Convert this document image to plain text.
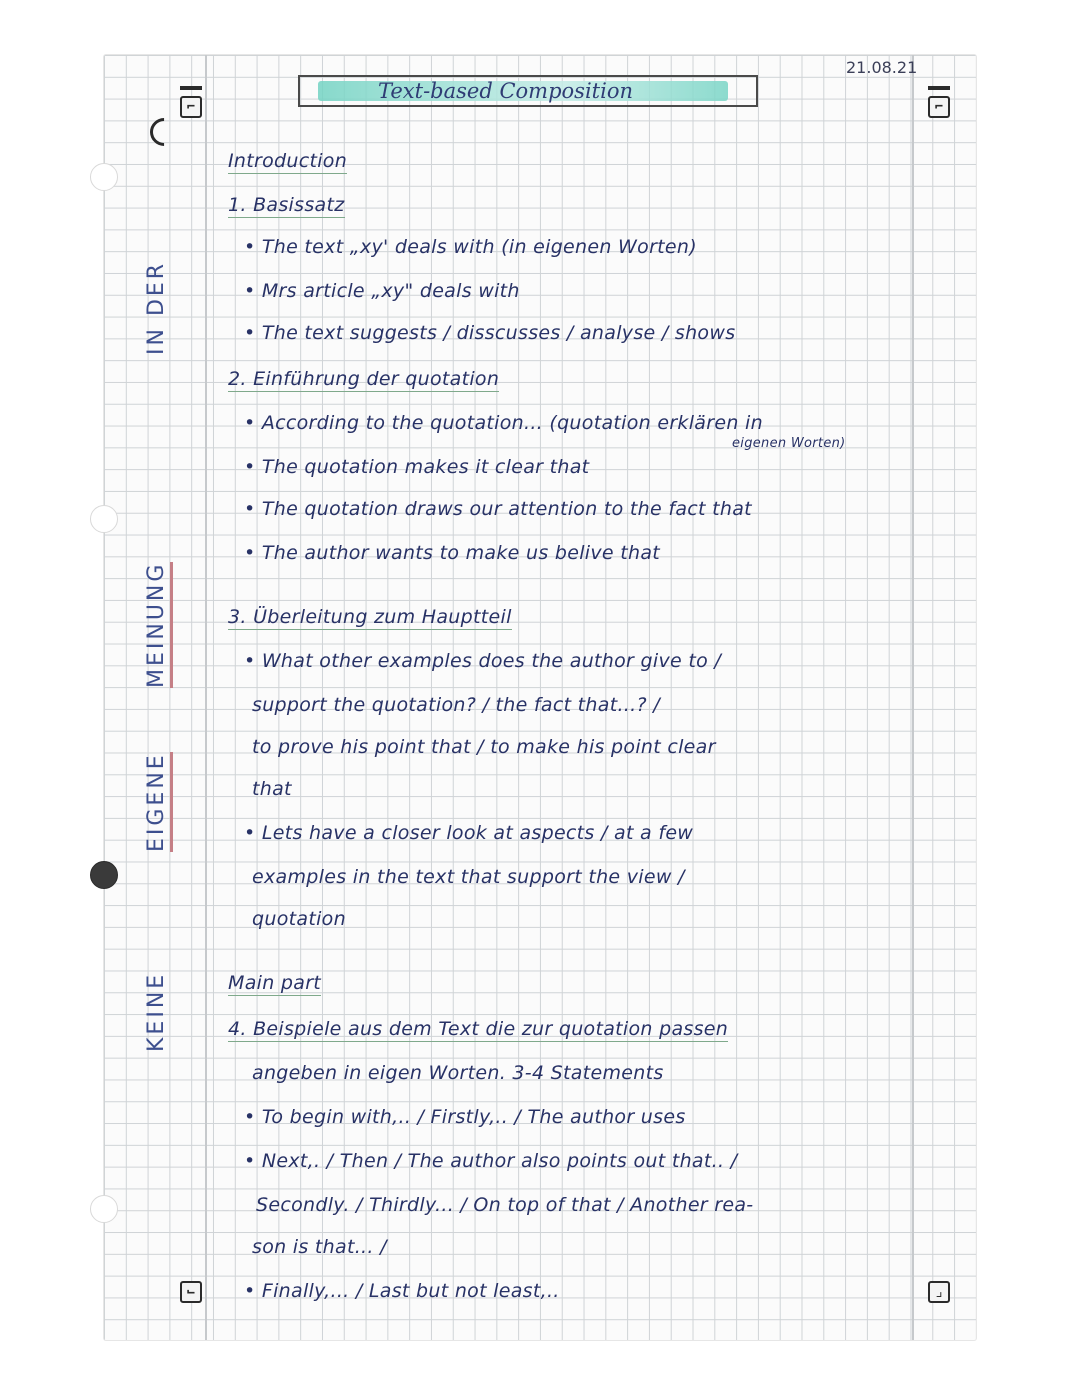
⌐
⌙
⌐
⌟
KEINE
EIGENE
MEINUNG
IN DER
21.08.21
Text-based Composition
Introduction
1. Basissatz
• The text „xy' deals with (in eigenen Worten)
• Mrs article „xy" deals with
• The text suggests / disscusses / analyse / shows
2. Einführung der quotation
• According to the quotation... (quotation erklären in
eigenen Worten)
• The quotation makes it clear that
• The quotation draws our attention to the fact that
• The author wants to make us belive that
3. Überleitung zum Hauptteil
• What other examples does the author give to /
support the quotation? / the fact that...? /
to prove his point that / to make his point clear
that
• Lets have a closer look at aspects / at a few
examples in the text that support the view /
quotation
Main part
4. Beispiele aus dem Text die zur quotation passen
angeben in eigen Worten. 3-4 Statements
• To begin with,.. / Firstly,.. / The author uses
• Next,. / Then / The author also points out that.. /
Secondly. / Thirdly... / On top of that / Another rea-
son is that... /
• Finally,... / Last but not least,..
